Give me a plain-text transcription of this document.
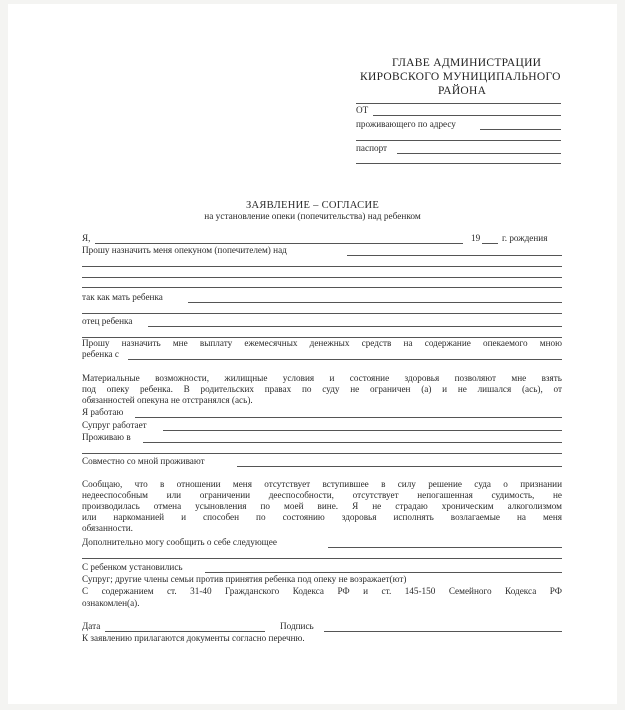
ГЛАВЕ АДМИНИСТРАЦИИ
КИРОВСКОГО МУНИЦИПАЛЬНОГО
РАЙОНА
ОТ
проживающего по адресу
паспорт
ЗАЯВЛЕНИЕ – СОГЛАСИЕ
на установление опеки (попечительства) над ребенком
Я,	19 г. рождения
Прошу назначить меня опекуном (попечителем) над
так как мать ребенка
отец ребенка
Прошу назначить мне выплату ежемесячных денежных средств на содержание опекаемого мною
ребенка с
Материальные возможности, жилищные условия и состояние здоровья позволяют мне взять
под опеку ребенка. В родительских правах по суду не ограничен (а) и не лишался (ась), от
обязанностей опекуна не отстранялся (ась).
Я работаю
Супруг работает
Проживаю в
Совместно со мной проживают
Сообщаю, что в отношении меня отсутствует вступившее в силу решение суда о признании
недееспособным или ограничении дееспособности, отсутствует непогашенная судимость, не
производилась отмена усыновления по моей вине. Я не страдаю хроническим алкоголизмом
или наркоманией и способен по состоянию здоровья исполнять возлагаемые на меня
обязанности.
Дополнительно могу сообщить о себе следующее
С ребенком установились
Супруг; другие члены семьи против принятия ребенка под опеку не возражает(ют)
С содержанием ст. 31-40 Гражданского Кодекса РФ и ст. 145-150 Семейного Кодекса РФ
ознакомлен(а).
Дата	Подпись
К заявлению прилагаются документы согласно перечню.
